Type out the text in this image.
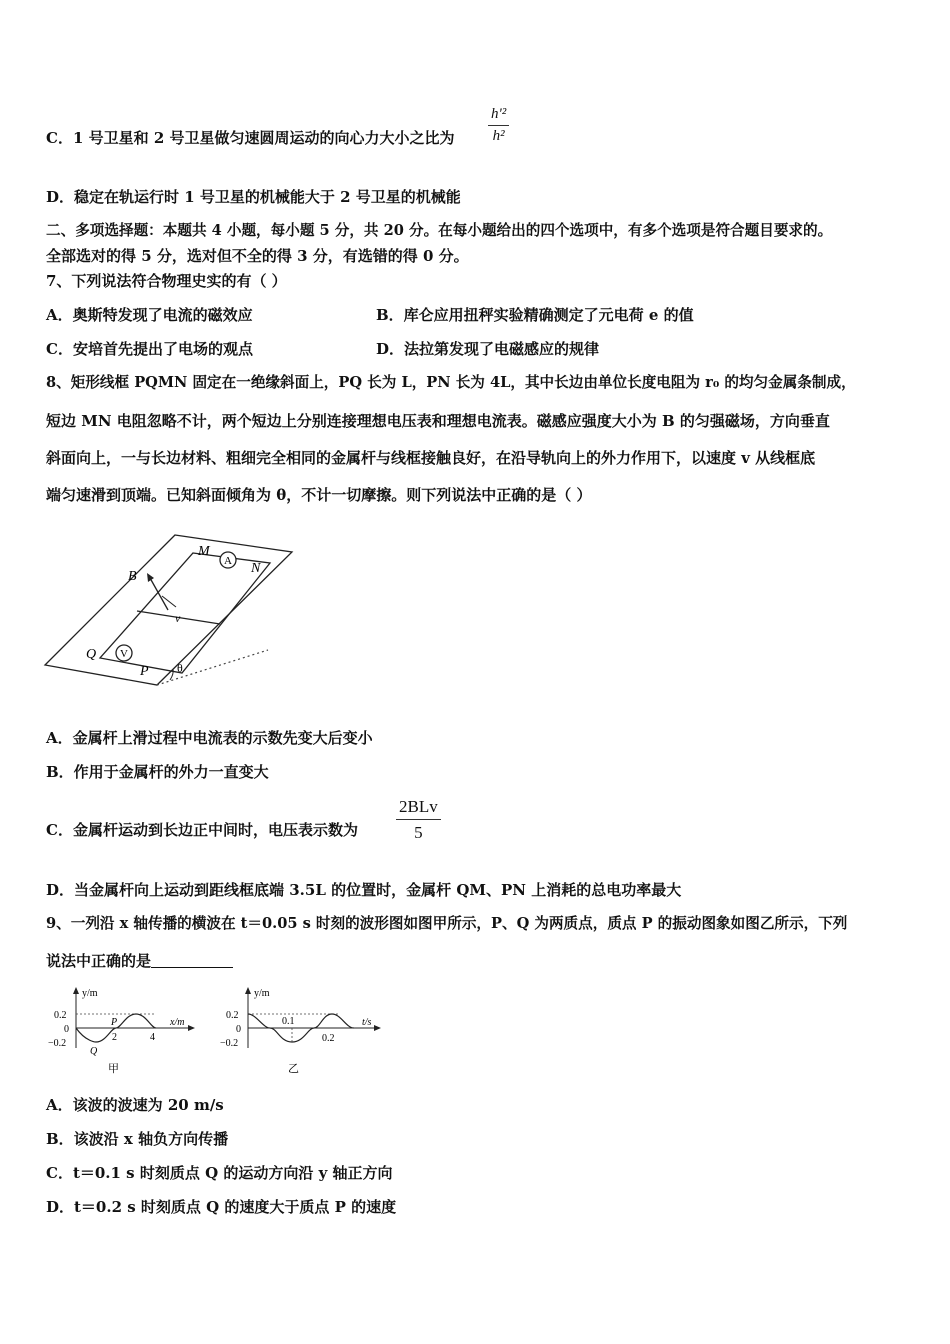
C．1 号卫星和 2 号卫星做匀速圆周运动的向心力大小之比为 $\frac{\text{h'²}}{\text{h²}}$
D．稳定在轨运行时 1 号卫星的机械能大于 2 号卫星的机械能
二、多项选择题：本题共 4 小题，每小题 5 分，共 20 分。在每小题给出的四个选项中，有多个选项是符合题目要求的。
全部选对的得 5 分，选对但不全的得 3 分，有选错的得 0 分。
7、下列说法符合物理史实的有（ ）
A．奥斯特发现了电流的磁效应	B．库仑应用扭秤实验精确测定了元电荷 e 的值
C．安培首先提出了电场的观点	D．法拉第发现了电磁感应的规律
8、矩形线框 PQMN 固定在一绝缘斜面上，PQ 长为 L，PN 长为 4L，其中长边由单位长度电阻为 r₀ 的均匀金属条制成，
短边 MN 电阻忽略不计，两个短边上分别连接理想电压表和理想电流表。磁感应强度大小为 B 的匀强磁场，方向垂直
斜面向上，一与长边材料、粗细完全相同的金属杆与线框接触良好，在沿导轨向上的外力作用下，以速度 v 从线框底
端匀速滑到顶端。已知斜面倾角为 θ，不计一切摩擦。则下列说法中正确的是（ ）
A
V
M
N
B
v
Q
P θ
A．金属杆上滑过程中电流表的示数先变大后变小
B．作用于金属杆的外力一直变大
C．金属杆运动到长边正中间时，电压表示数为
2BLv
5
D．当金属杆向上运动到距线框底端 3.5L 的位置时，金属杆 QM、PN 上消耗的总电功率最大
9、一列沿 x 轴传播的横波在 t＝0.05 s 时刻的波形图如图甲所示，P、Q 为两质点，质点 P 的振动图象如图乙所示，下列
说法中正确的是
y/m
x/m
0.2
0
−0.2
2	4
P
Q
甲
y/m
t/s
0.2
0
−0.2
0.1
0.2
乙
A．该波的波速为 20 m/s
B．该波沿 x 轴负方向传播
C．t＝0.1 s 时刻质点 Q 的运动方向沿 y 轴正方向
D．t＝0.2 s 时刻质点 Q 的速度大于质点 P 的速度
